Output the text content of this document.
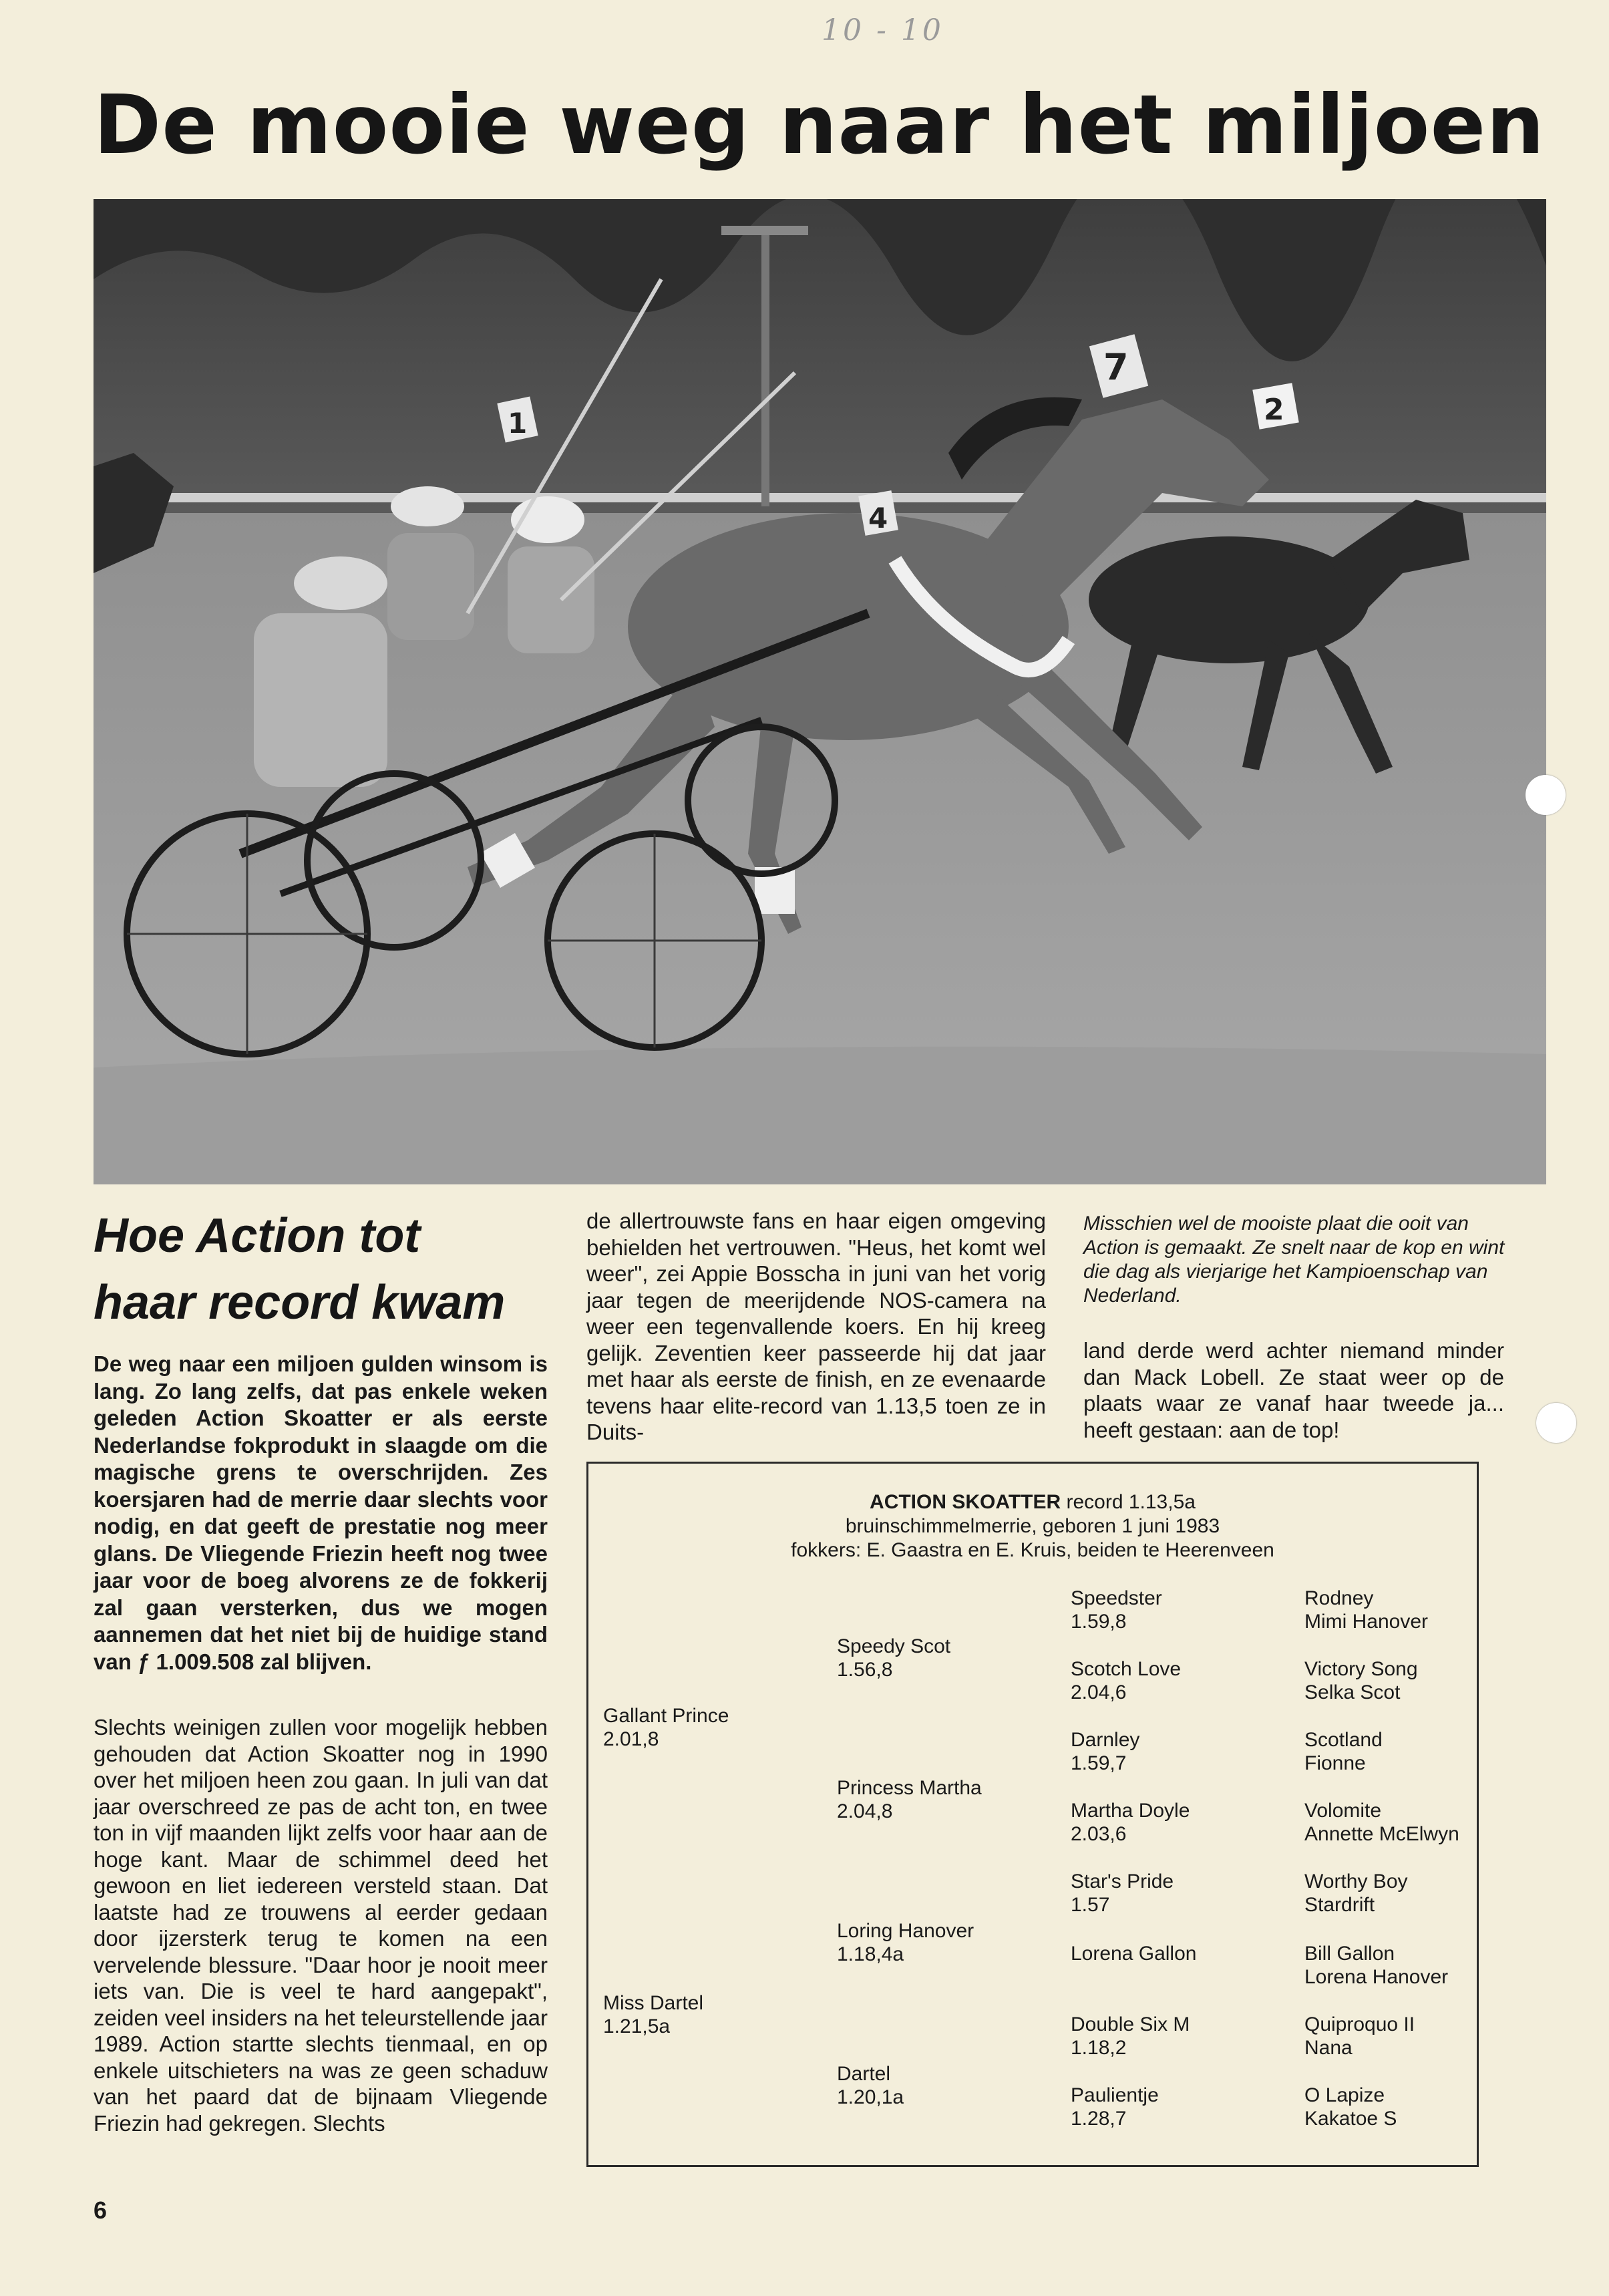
10 - 10
De mooie weg naar het miljoen
1
4
7
2
Hoe Action tot
haar record kwam
De weg naar een miljoen gulden winsom is lang. Zo lang zelfs, dat pas enkele weken geleden Action Skoatter er als eerste Nederlandse fokprodukt in slaagde om die magische grens te overschrijden. Zes koersjaren had de merrie daar slechts voor nodig, en dat geeft de prestatie nog meer glans. De Vliegende Friezin heeft nog twee jaar voor de boeg alvorens ze de fokkerij zal gaan versterken, dus we mogen aannemen dat het niet bij de huidige stand van ƒ 1.009.508 zal blijven.
Slechts weinigen zullen voor mogelijk hebben gehouden dat Action Skoatter nog in 1990 over het miljoen heen zou gaan. In juli van dat jaar overschreed ze pas de acht ton, en twee ton in vijf maanden lijkt zelfs voor haar aan de hoge kant. Maar de schimmel deed het gewoon en liet iedereen versteld staan. Dat laatste had ze trouwens al eerder gedaan door ijzersterk terug te komen na een vervelende blessure. "Daar hoor je nooit meer iets van. Die is veel te hard aangepakt", zeiden veel insiders na het teleurstellende jaar 1989. Action startte slechts tienmaal, en op enkele uitschieters na was ze geen schaduw van het paard dat de bijnaam Vliegende Friezin had gekregen. Slechts
de allertrouwste fans en haar eigen omgeving behielden het vertrouwen. "Heus, het komt wel weer", zei Appie Bosscha in juni van het vorig jaar tegen de meerijdende NOS-camera na weer een tegenvallende koers. En hij kreeg gelijk. Zeventien keer passeerde hij dat jaar met haar als eerste de finish, en ze evenaarde tevens haar elite-record van 1.13,5 toen ze in Duits-
Misschien wel de mooiste plaat die ooit van Action is gemaakt. Ze snelt naar de kop en wint die dag als vierjarige het Kampioenschap van Nederland.
land derde werd achter niemand minder dan Mack Lobell. Ze staat weer op de plaats waar ze vanaf haar tweede ja... heeft gestaan: aan de top!
ACTION SKOATTER record 1.13,5a
bruinschimmelmerrie, geboren 1 juni 1983
fokkers: E. Gaastra en E. Kruis, beiden te Heerenveen
Gallant Prince
2.01,8
Miss Dartel
1.21,5a
Speedy Scot
1.56,8
Princess Martha
2.04,8
Loring Hanover
1.18,4a
Dartel
1.20,1a
Speedster
1.59,8
Scotch Love
2.04,6
Darnley
1.59,7
Martha Doyle
2.03,6
Star's Pride
1.57
Lorena Gallon
Double Six M
1.18,2
Paulientje
1.28,7
Rodney
Mimi Hanover
Victory Song
Selka Scot
Scotland
Fionne
Volomite
Annette McElwyn
Worthy Boy
Stardrift
Bill Gallon
Lorena Hanover
Quiproquo II
Nana
O Lapize
Kakatoe S
6
